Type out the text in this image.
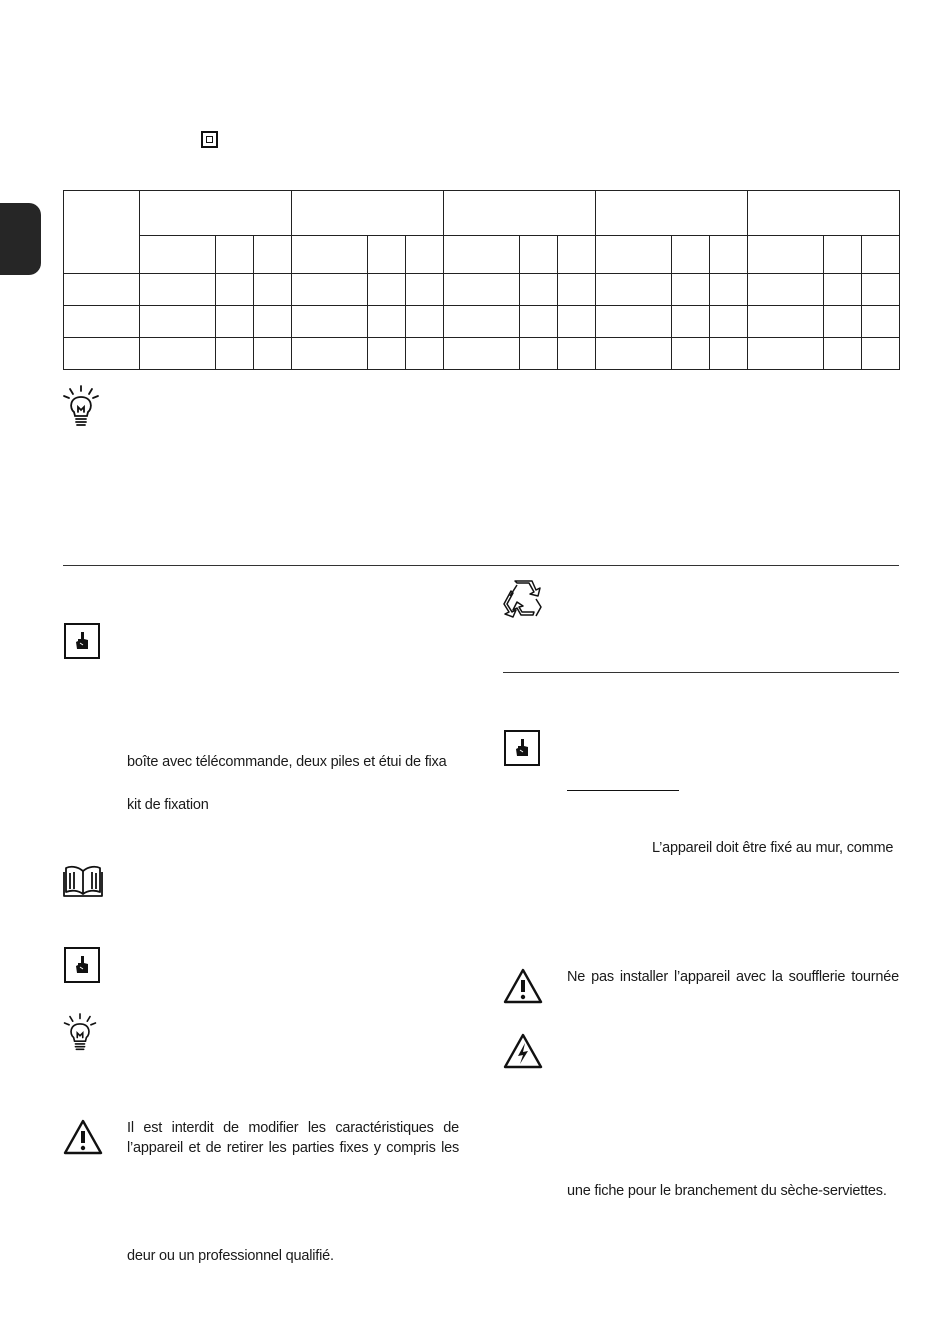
boîte avec télécommande, deux piles et étui de fixa
kit de fixation
Il est interdit de modifier les caractéristiques de
l’appareil et de retirer les parties fixes y compris les
deur ou un professionnel qualifié.
L’appareil doit être fixé au mur, comme
Ne pas installer l’appareil avec la soufflerie tournée
une fiche pour le branchement du sèche-serviettes.
